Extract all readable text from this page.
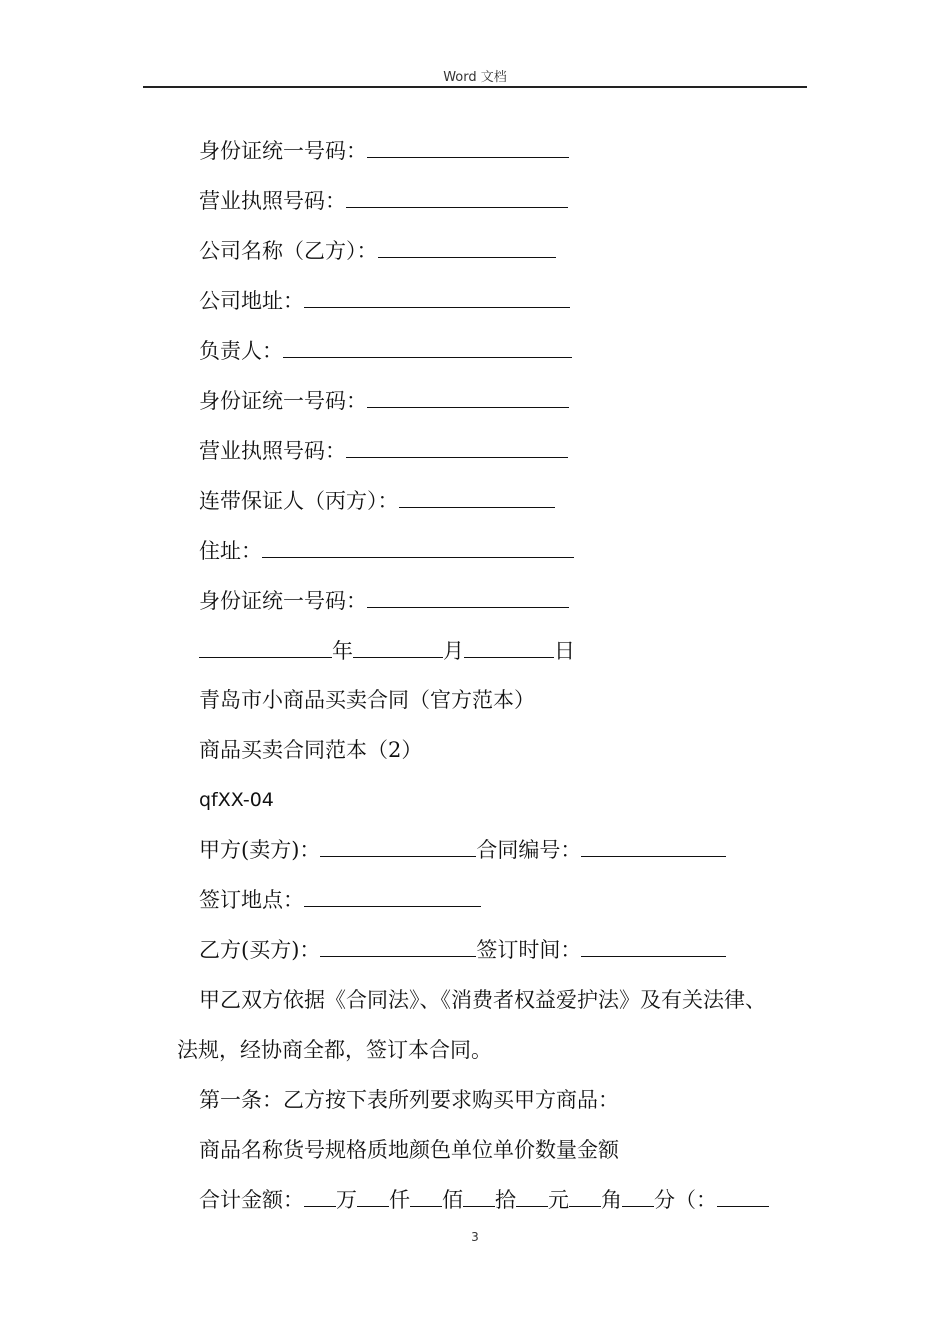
Word 文档
身份证统一号码：
营业执照号码：
公司名称（乙方）：
公司地址：
负责人：
身份证统一号码：
营业执照号码：
连带保证人（丙方）：
住址：
身份证统一号码：
年	月	日
青岛市小商品买卖合同（官方范本）
商品买卖合同范本（2）
qfXX-04
甲方(卖方)：	合同编号：
签订地点：
乙方(买方)：	签订时间：
甲乙双方依据《合同法》、《消费者权益爱护法》及有关法律、
法规，经协商全都，签订本合同。
第一条：乙方按下表所列要求购买甲方商品：
商品名称货号规格质地颜色单位单价数量金额
合计金额： 万 仟 佰 拾 元 角 分（：
3
